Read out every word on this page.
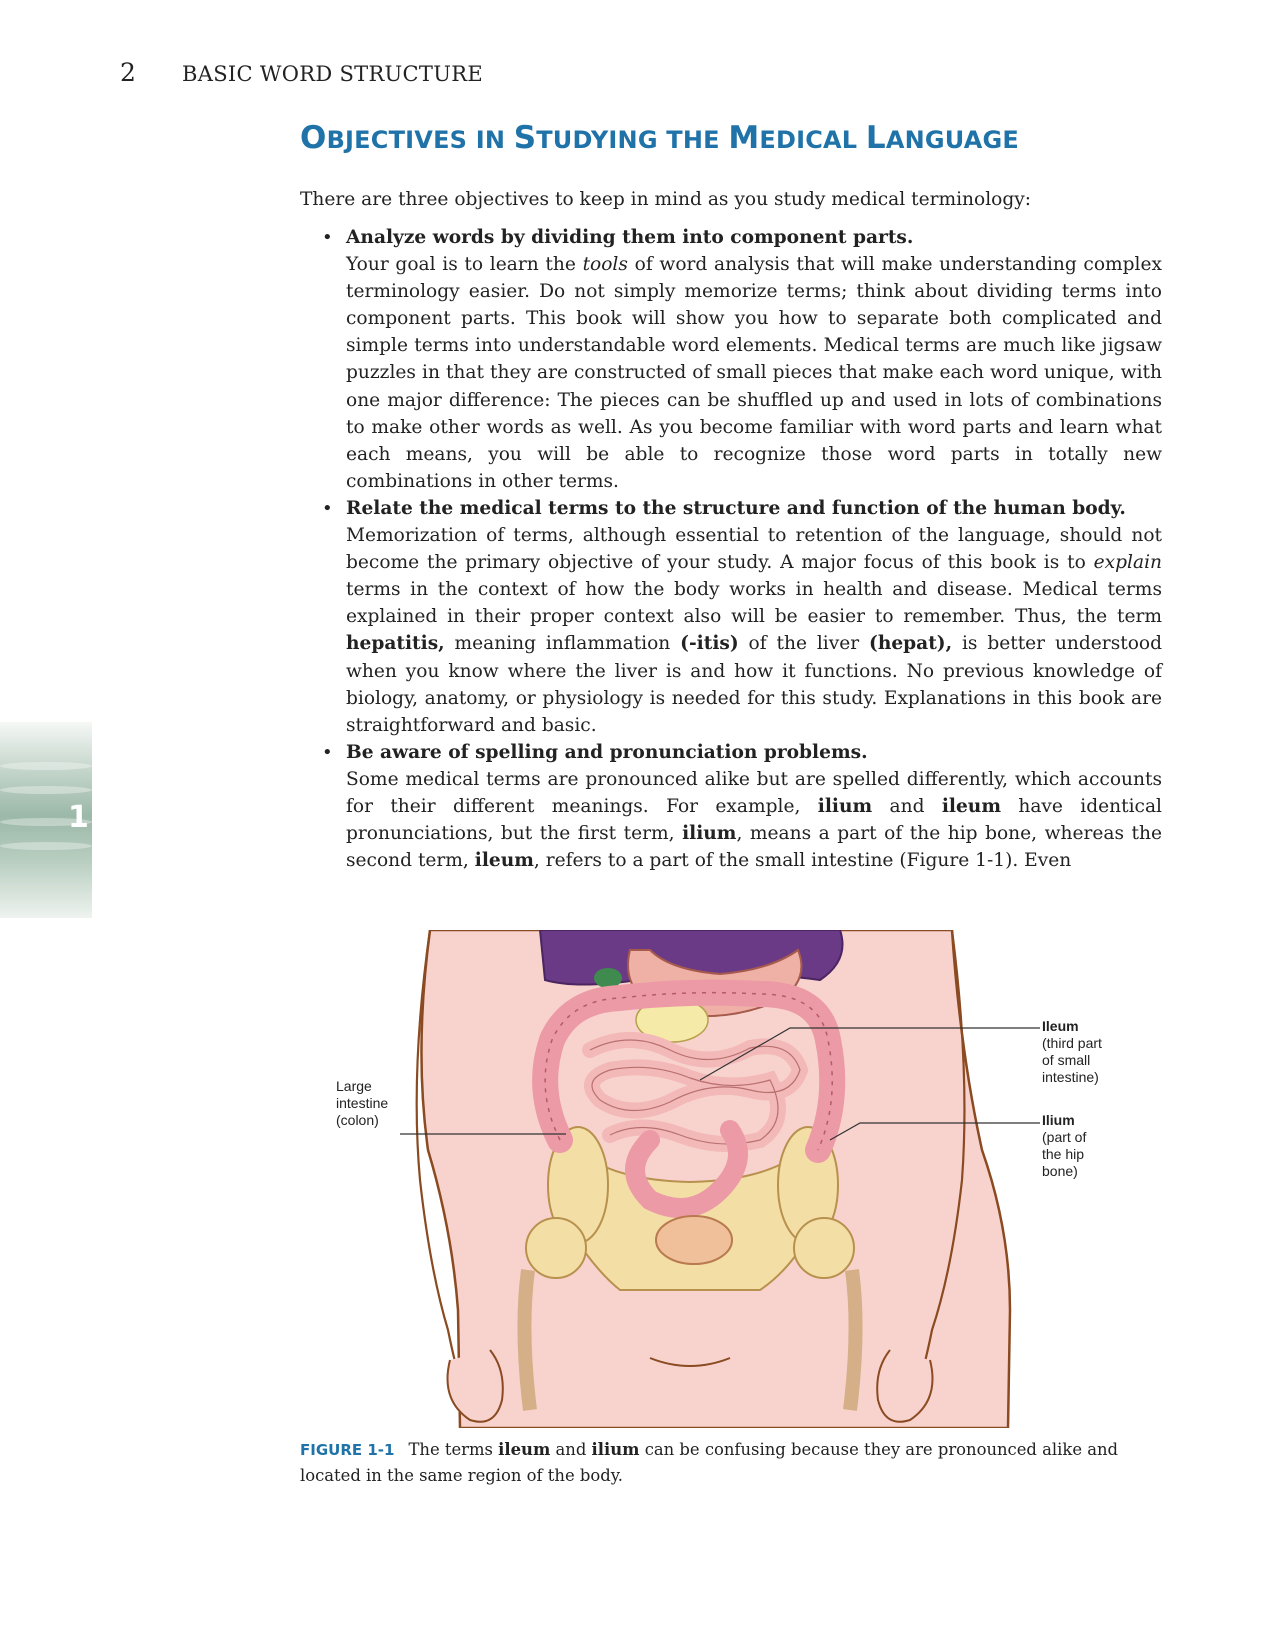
2 BASIC WORD STRUCTURE
1
OBJECTIVES IN STUDYING THE MEDICAL LANGUAGE

There are three objectives to keep in mind as you study medical terminology:

• Analyze words by dividing them into component parts.
Your goal is to learn the tools of word analysis that will make understanding complex terminology easier. Do not simply memorize terms; think about dividing terms into component parts. This book will show you how to separate both complicated and simple terms into understandable word elements. Medical terms are much like jigsaw puzzles in that they are constructed of small pieces that make each word unique, with one major difference: The pieces can be shuffled up and used in lots of combinations to make other words as well. As you become familiar with word parts and learn what each means, you will be able to recognize those word parts in totally new combinations in other terms.
• Relate the medical terms to the structure and function of the human body.
Memorization of terms, although essential to retention of the language, should not become the primary objective of your study. A major focus of this book is to explain terms in the context of how the body works in health and disease. Medical terms explained in their proper context also will be easier to remember. Thus, the term hepatitis, meaning inflammation (-itis) of the liver (hepat), is better understood when you know where the liver is and how it functions. No previous knowledge of biology, anatomy, or physiology is needed for this study. Explanations in this book are straightforward and basic.
• Be aware of spelling and pronunciation problems.
Some medical terms are pronounced alike but are spelled differently, which accounts for their different meanings. For example, ilium and ileum have identical pronunciations, but the first term, ilium, means a part of the hip bone, whereas the second term, ileum, refers to a part of the small intestine (Figure 1-1). Even
Large
intestine
(colon)
Ileum
(third part
of small
intestine)
Ilium
(part of
the hip
bone)

FIGURE 1-1 The terms ileum and ilium can be confusing because they are pronounced alike and located in the same region of the body.
